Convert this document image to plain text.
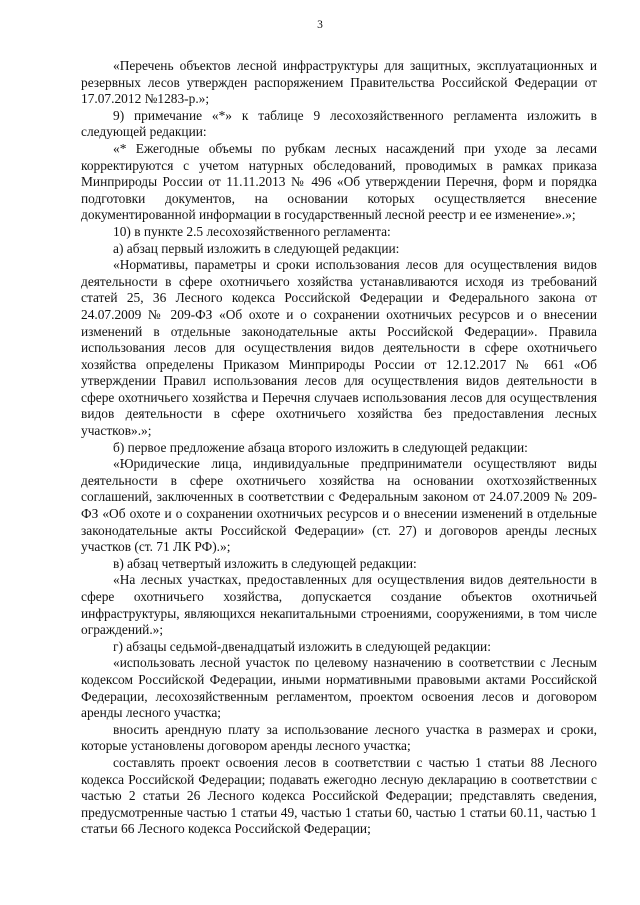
3

«Перечень объектов лесной инфраструктуры для защитных, эксплуатационных и резервных лесов утвержден распоряжением Правительства Российской Федерации от 17.07.2012 №1283-р.»;

9) примечание «*» к таблице 9 лесохозяйственного регламента изложить в следующей редакции:

«* Ежегодные объемы по рубкам лесных насаждений при уходе за лесами корректируются с учетом натурных обследований, проводимых в рамках приказа Минприроды России от 11.11.2013 № 496 «Об утверждении Перечня, форм и порядка подготовки документов, на основании которых осуществляется внесение документированной информации в государственный лесной реестр и ее изменение».»;

10) в пункте 2.5 лесохозяйственного регламента:

а) абзац первый изложить в следующей редакции:

«Нормативы, параметры и сроки использования лесов для осуществления видов деятельности в сфере охотничьего хозяйства устанавливаются исходя из требований статей 25, 36 Лесного кодекса Российской Федерации и Федерального закона от 24.07.2009 № 209-ФЗ «Об охоте и о сохранении охотничьих ресурсов и о внесении изменений в отдельные законодательные акты Российской Федерации». Правила использования лесов для осуществления видов деятельности в сфере охотничьего хозяйства определены Приказом Минприроды России от 12.12.2017 № 661 «Об утверждении Правил использования лесов для осуществления видов деятельности в сфере охотничьего хозяйства и Перечня случаев использования лесов для осуществления видов деятельности в сфере охотничьего хозяйства без предоставления лесных участков».»;

б) первое предложение абзаца второго изложить в следующей редакции:

«Юридические лица, индивидуальные предприниматели осуществляют виды деятельности в сфере охотничьего хозяйства на основании охотхозяйственных соглашений, заключенных в соответствии с Федеральным законом от 24.07.2009 № 209-ФЗ «Об охоте и о сохранении охотничьих ресурсов и о внесении изменений в отдельные законодательные акты Российской Федерации» (ст. 27) и договоров аренды лесных участков (ст. 71 ЛК РФ).»;

в) абзац четвертый изложить в следующей редакции:

«На лесных участках, предоставленных для осуществления видов деятельности в сфере охотничьего хозяйства, допускается создание объектов охотничьей инфраструктуры, являющихся некапитальными строениями, сооружениями, в том числе ограждений.»;

г) абзацы седьмой-двенадцатый изложить в следующей редакции:

«использовать лесной участок по целевому назначению в соответствии с Лесным кодексом Российской Федерации, иными нормативными правовыми актами Российской Федерации, лесохозяйственным регламентом, проектом освоения лесов и договором аренды лесного участка;

вносить арендную плату за использование лесного участка в размерах и сроки, которые установлены договором аренды лесного участка;

составлять проект освоения лесов в соответствии с частью 1 статьи 88 Лесного кодекса Российской Федерации; подавать ежегодно лесную декларацию в соответствии с частью 2 статьи 26 Лесного кодекса Российской Федерации; представлять сведения, предусмотренные частью 1 статьи 49, частью 1 статьи 60, частью 1 статьи 60.11, частью 1 статьи 66 Лесного кодекса Российской Федерации;
